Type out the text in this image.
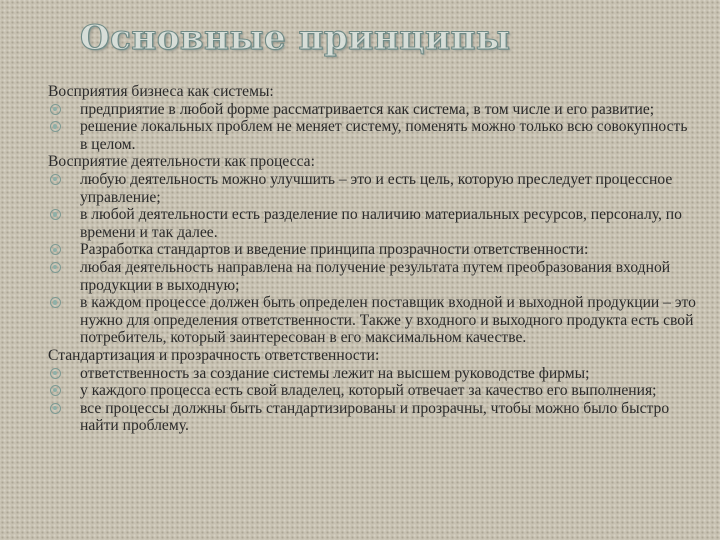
Основные принципы

Восприятия бизнеса как системы:

предприятие в любой форме рассматривается как система, в том числе и его развитие;
решение локальных проблем не меняет систему, поменять можно только всю совокупность в целом.

Восприятие деятельности как процесса:

любую деятельность можно улучшить – это и есть цель, которую преследует процессное управление;
в любой деятельности есть разделение по наличию материальных ресурсов, персоналу, по времени и так далее.
Разработка стандартов и введение принципа прозрачности ответственности:
любая деятельность направлена на получение результата путем преобразования входной продукции в выходную;
в каждом процессе должен быть определен поставщик входной и выходной продукции – это нужно для определения ответственности. Также у входного и выходного продукта есть свой потребитель, который заинтересован в его максимальном качестве.

Стандартизация и прозрачность ответственности:

ответственность за создание системы лежит на высшем руководстве фирмы;
у каждого процесса есть свой владелец, который отвечает за качество его выполнения;
все процессы должны быть стандартизированы и прозрачны, чтобы можно было быстро найти проблему.
